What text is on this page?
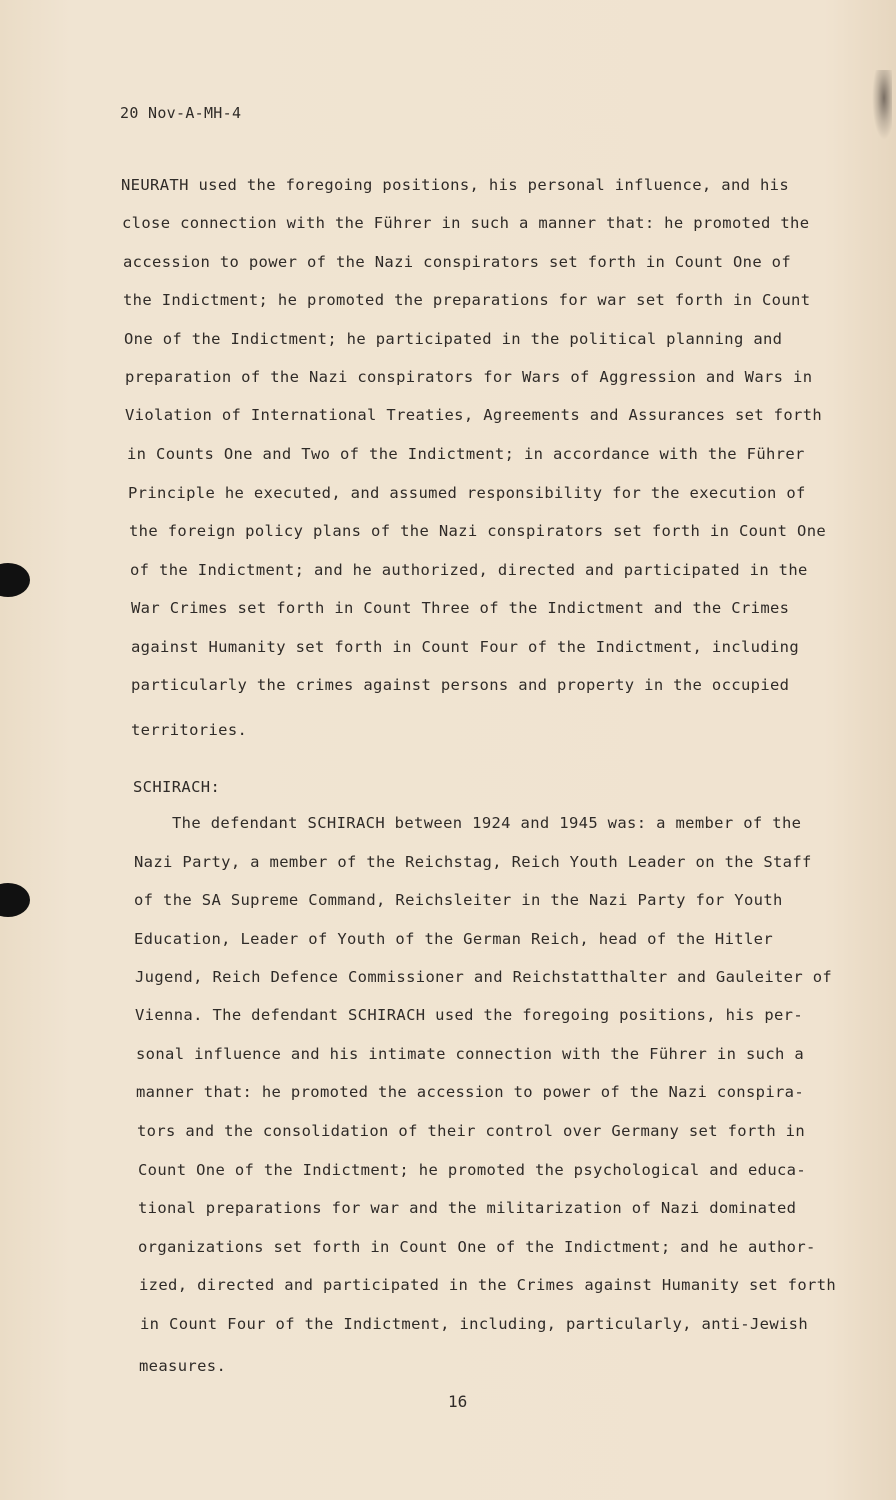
20 Nov-A-MH-4
NEURATH used the foregoing positions, his personal influence, and his
close connection with the Führer in such a manner that: he promoted the
accession to power of the Nazi conspirators set forth in Count One of
the Indictment; he promoted the preparations for war set forth in Count
One of the Indictment; he participated in the political planning and
preparation of the Nazi conspirators for Wars of Aggression and Wars in
Violation of International Treaties, Agreements and Assurances set forth
in Counts One and Two of the Indictment; in accordance with the Führer
Principle he executed, and assumed responsibility for the execution of
the foreign policy plans of the Nazi conspirators set forth in Count One
of the Indictment; and he authorized, directed and participated in the
War Crimes set forth in Count Three of the Indictment and the Crimes
against Humanity set forth in Count Four of the Indictment, including
particularly the crimes against persons and property in the occupied
territories.
SCHIRACH:
The defendant SCHIRACH between 1924 and 1945 was: a member of the
Nazi Party, a member of the Reichstag, Reich Youth Leader on the Staff
of the SA Supreme Command, Reichsleiter in the Nazi Party for Youth
Education, Leader of Youth of the German Reich, head of the Hitler
Jugend, Reich Defence Commissioner and Reichstatthalter and Gauleiter of
Vienna. The defendant SCHIRACH used the foregoing positions, his per-
sonal influence and his intimate connection with the Führer in such a
manner that: he promoted the accession to power of the Nazi conspira-
tors and the consolidation of their control over Germany set forth in
Count One of the Indictment; he promoted the psychological and educa-
tional preparations for war and the militarization of Nazi dominated
organizations set forth in Count One of the Indictment; and he author-
ized, directed and participated in the Crimes against Humanity set forth
in Count Four of the Indictment, including, particularly, anti-Jewish
measures.
16
